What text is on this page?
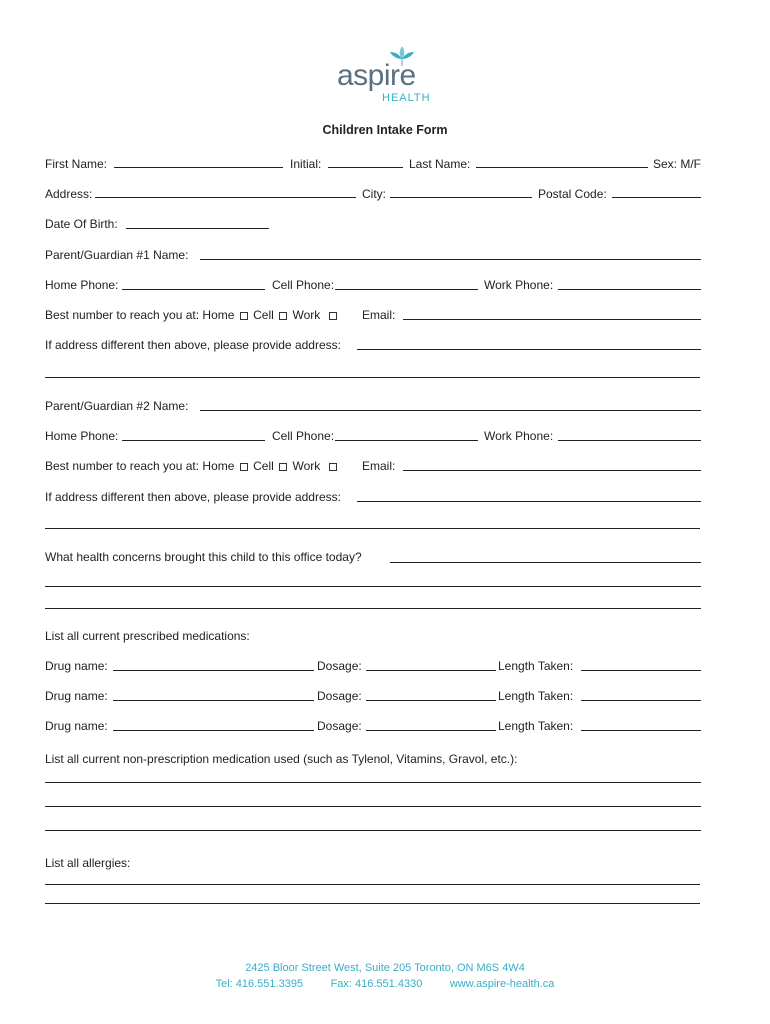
aspire
HEALTH
Children Intake Form
First Name:	Initial:	Last Name:	Sex: M/F
Address:	City:	Postal Code:
Date Of Birth:
Parent/Guardian #1 Name:
Home Phone:	Cell Phone:	Work Phone:
Best number to reach you at: Home Cell Work	Email:
If address different then above, please provide address:
Parent/Guardian #2 Name:
Home Phone:	Cell Phone:	Work Phone:
Best number to reach you at: Home Cell Work	Email:
If address different then above, please provide address:
What health concerns brought this child to this office today?
List all current prescribed medications:
Drug name:	Dosage:	Length Taken:
Drug name:	Dosage:	Length Taken:
Drug name:	Dosage:	Length Taken:
List all current non-prescription medication used (such as Tylenol, Vitamins, Gravol, etc.):
List all allergies:
2425 Bloor Street West, Suite 205 Toronto, ON M6S 4W4
Tel: 416.551.3395	Fax: 416.551.4330	www.aspire-health.ca
